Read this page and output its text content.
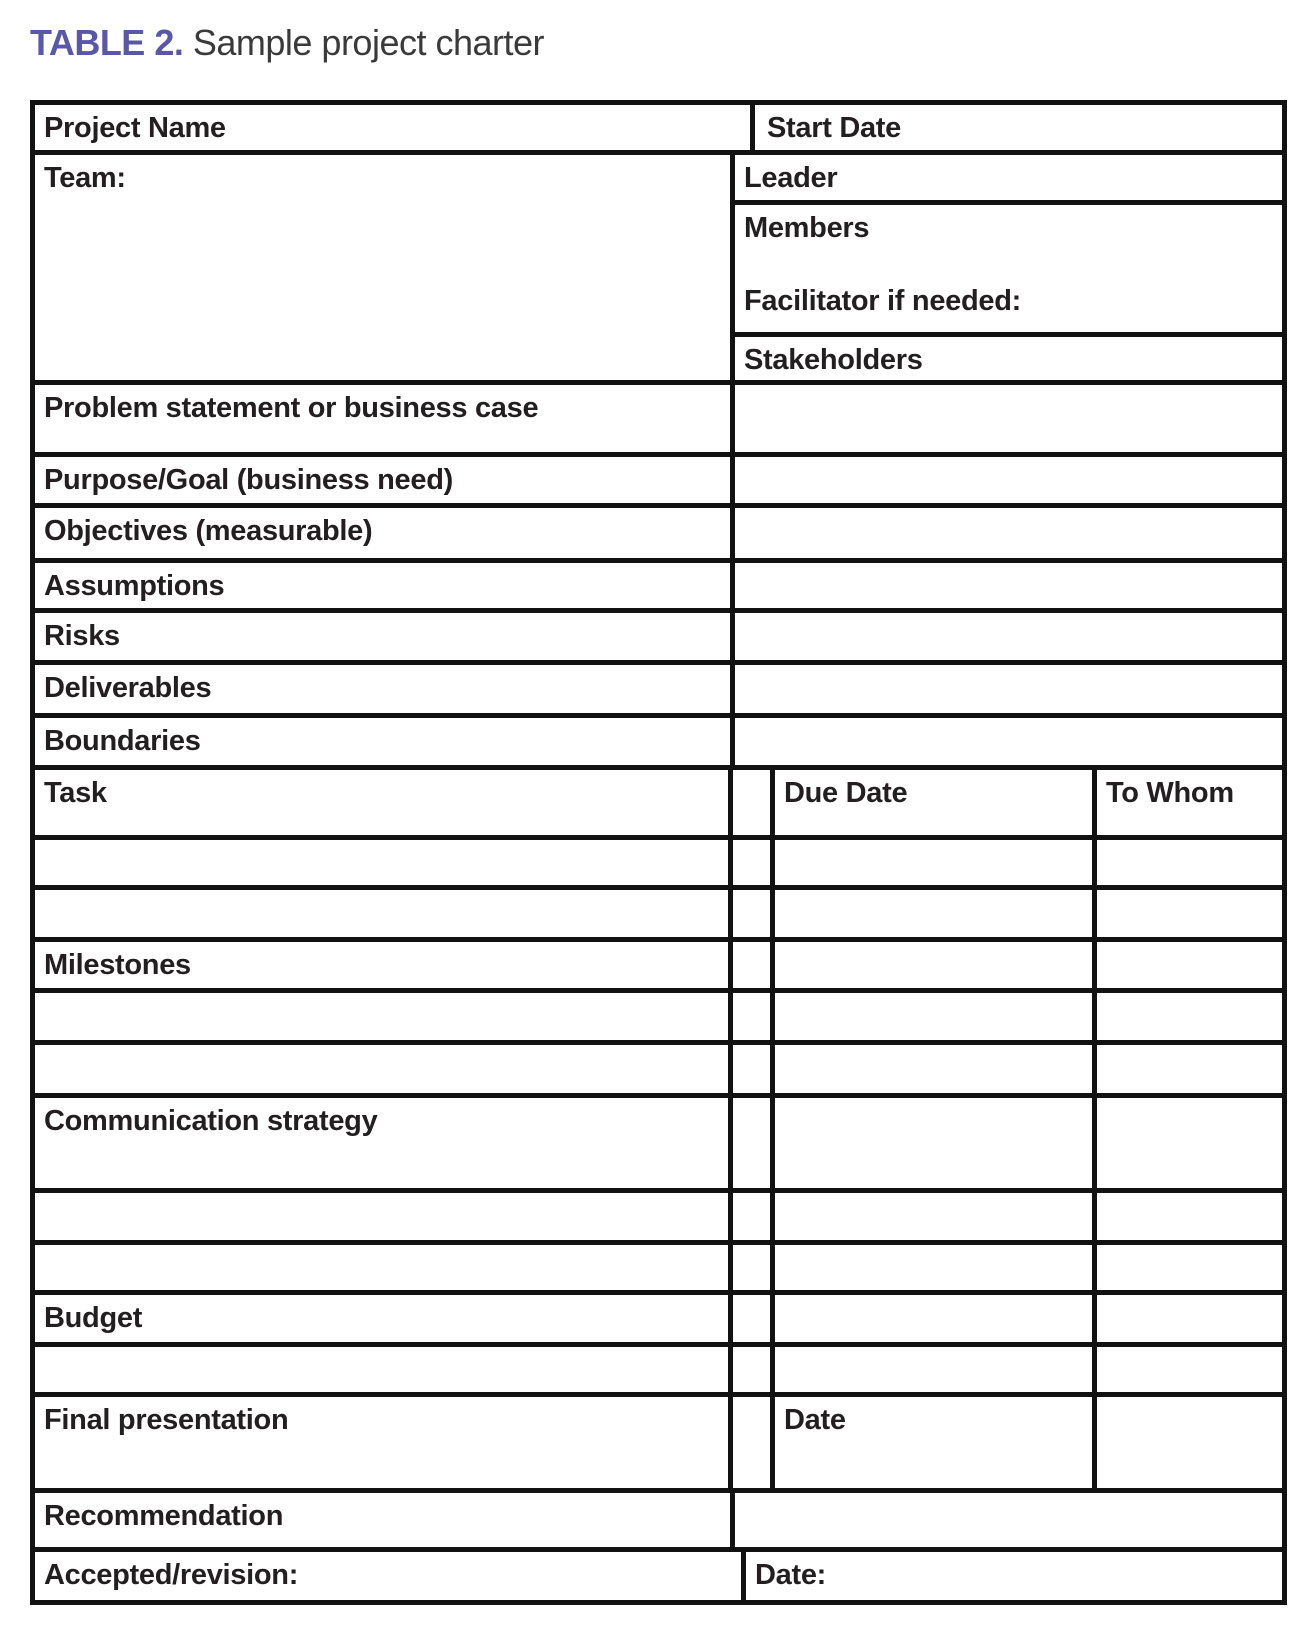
TABLE 2. Sample project charter
Project Name	Start Date
Team:	Leader
Members
Facilitator if needed:
Stakeholders
Problem statement or business case
Purpose/Goal (business need)
Objectives (measurable)
Assumptions
Risks
Deliverables
Boundaries
Task	Due Date	To Whom
Milestones
Communication strategy
Budget
Final presentation	Date
Recommendation
Accepted/revision:	Date:
